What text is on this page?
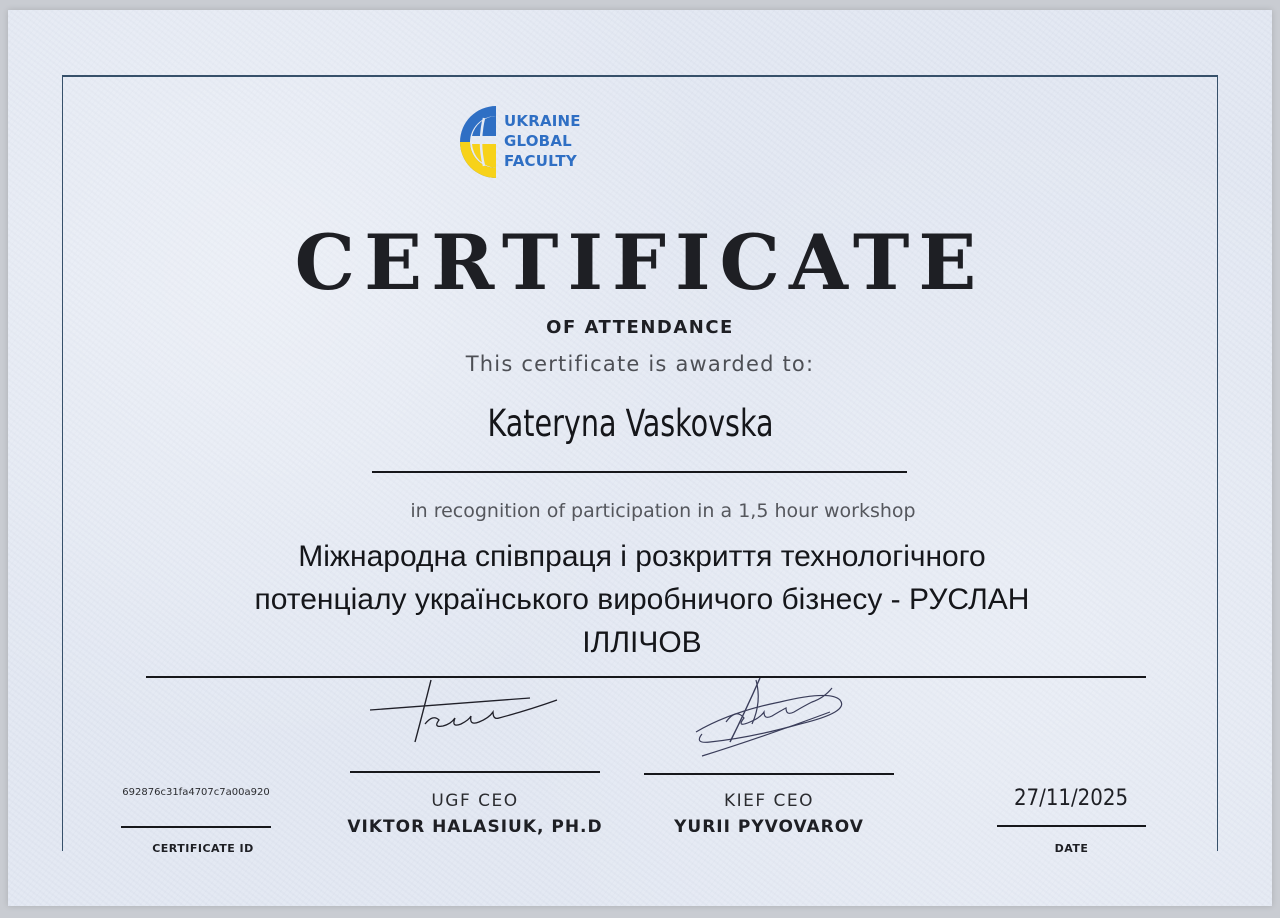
UKRAINE
GLOBAL
FACULTY
CERTIFICATE
OF ATTENDANCE
This certificate is awarded to:
Kateryna Vaskovska
in recognition of participation in a 1,5 hour workshop
Міжнародна співпраця і розкриття технологічного
потенціалу українського виробничого бізнесу - РУСЛАН
ІЛЛІЧОВ
UGF CEO
VIKTOR HALASIUK, PH.D
KIEF CEO
YURII PYVOVAROV
692876c31fa4707c7a00a920
CERTIFICATE ID
27/11/2025
DATE
